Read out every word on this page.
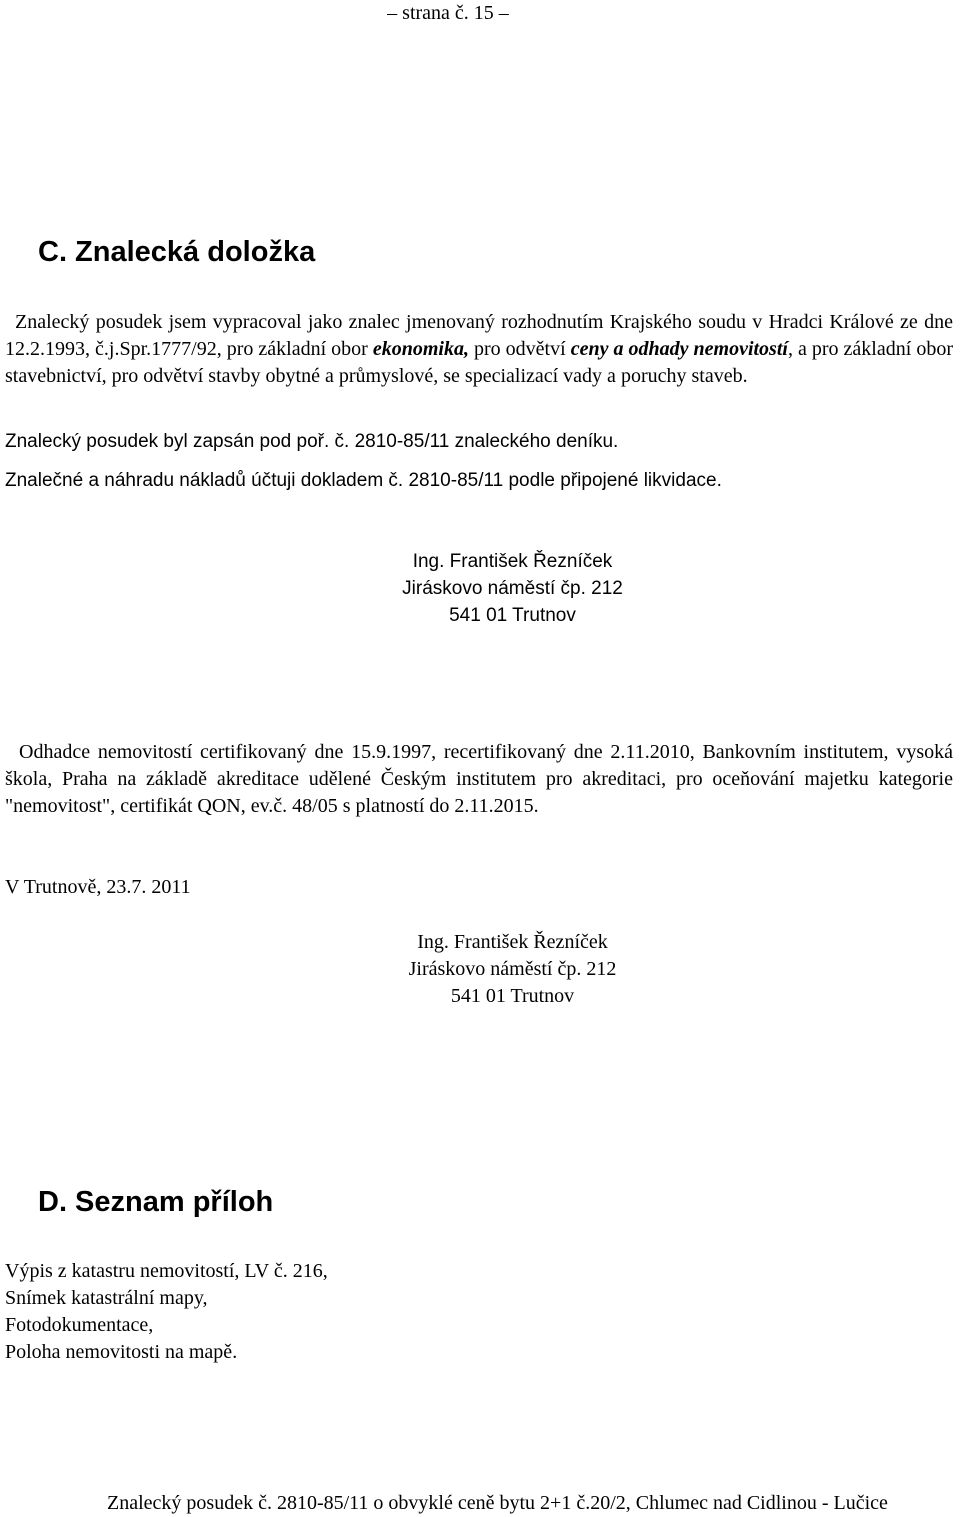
– strana č. 15 –
C. Znalecká doložka
Znalecký posudek jsem vypracoval jako znalec jmenovaný rozhodnutím Krajského soudu v Hradci Králové ze dne 12.2.1993, č.j.Spr.1777/92, pro základní obor ekonomika, pro odvětví ceny a odhady nemovitostí, a pro základní obor stavebnictví, pro odvětví stavby obytné a průmyslové, se specializací vady a poruchy staveb.
Znalecký posudek byl zapsán pod poř. č. 2810-85/11 znaleckého deníku.
Znalečné a náhradu nákladů účtuji dokladem č. 2810-85/11 podle připojené likvidace.
Ing. František Řezníček
Jiráskovo náměstí čp. 212
541 01 Trutnov
Odhadce nemovitostí certifikovaný dne 15.9.1997, recertifikovaný dne 2.11.2010, Bankovním institutem, vysoká škola, Praha na základě akreditace udělené Českým institutem pro akreditaci, pro oceňování majetku kategorie "nemovitost", certifikát QON, ev.č. 48/05 s platností do 2.11.2015.
V Trutnově, 23.7. 2011
Ing. František Řezníček
Jiráskovo náměstí čp. 212
541 01 Trutnov
D. Seznam příloh
Výpis z katastru nemovitostí, LV č. 216,
Snímek katastrální mapy,
Fotodokumentace,
Poloha nemovitosti na mapě.
Znalecký posudek č. 2810-85/11 o obvyklé ceně bytu 2+1 č.20/2, Chlumec nad Cidlinou - Lučice
